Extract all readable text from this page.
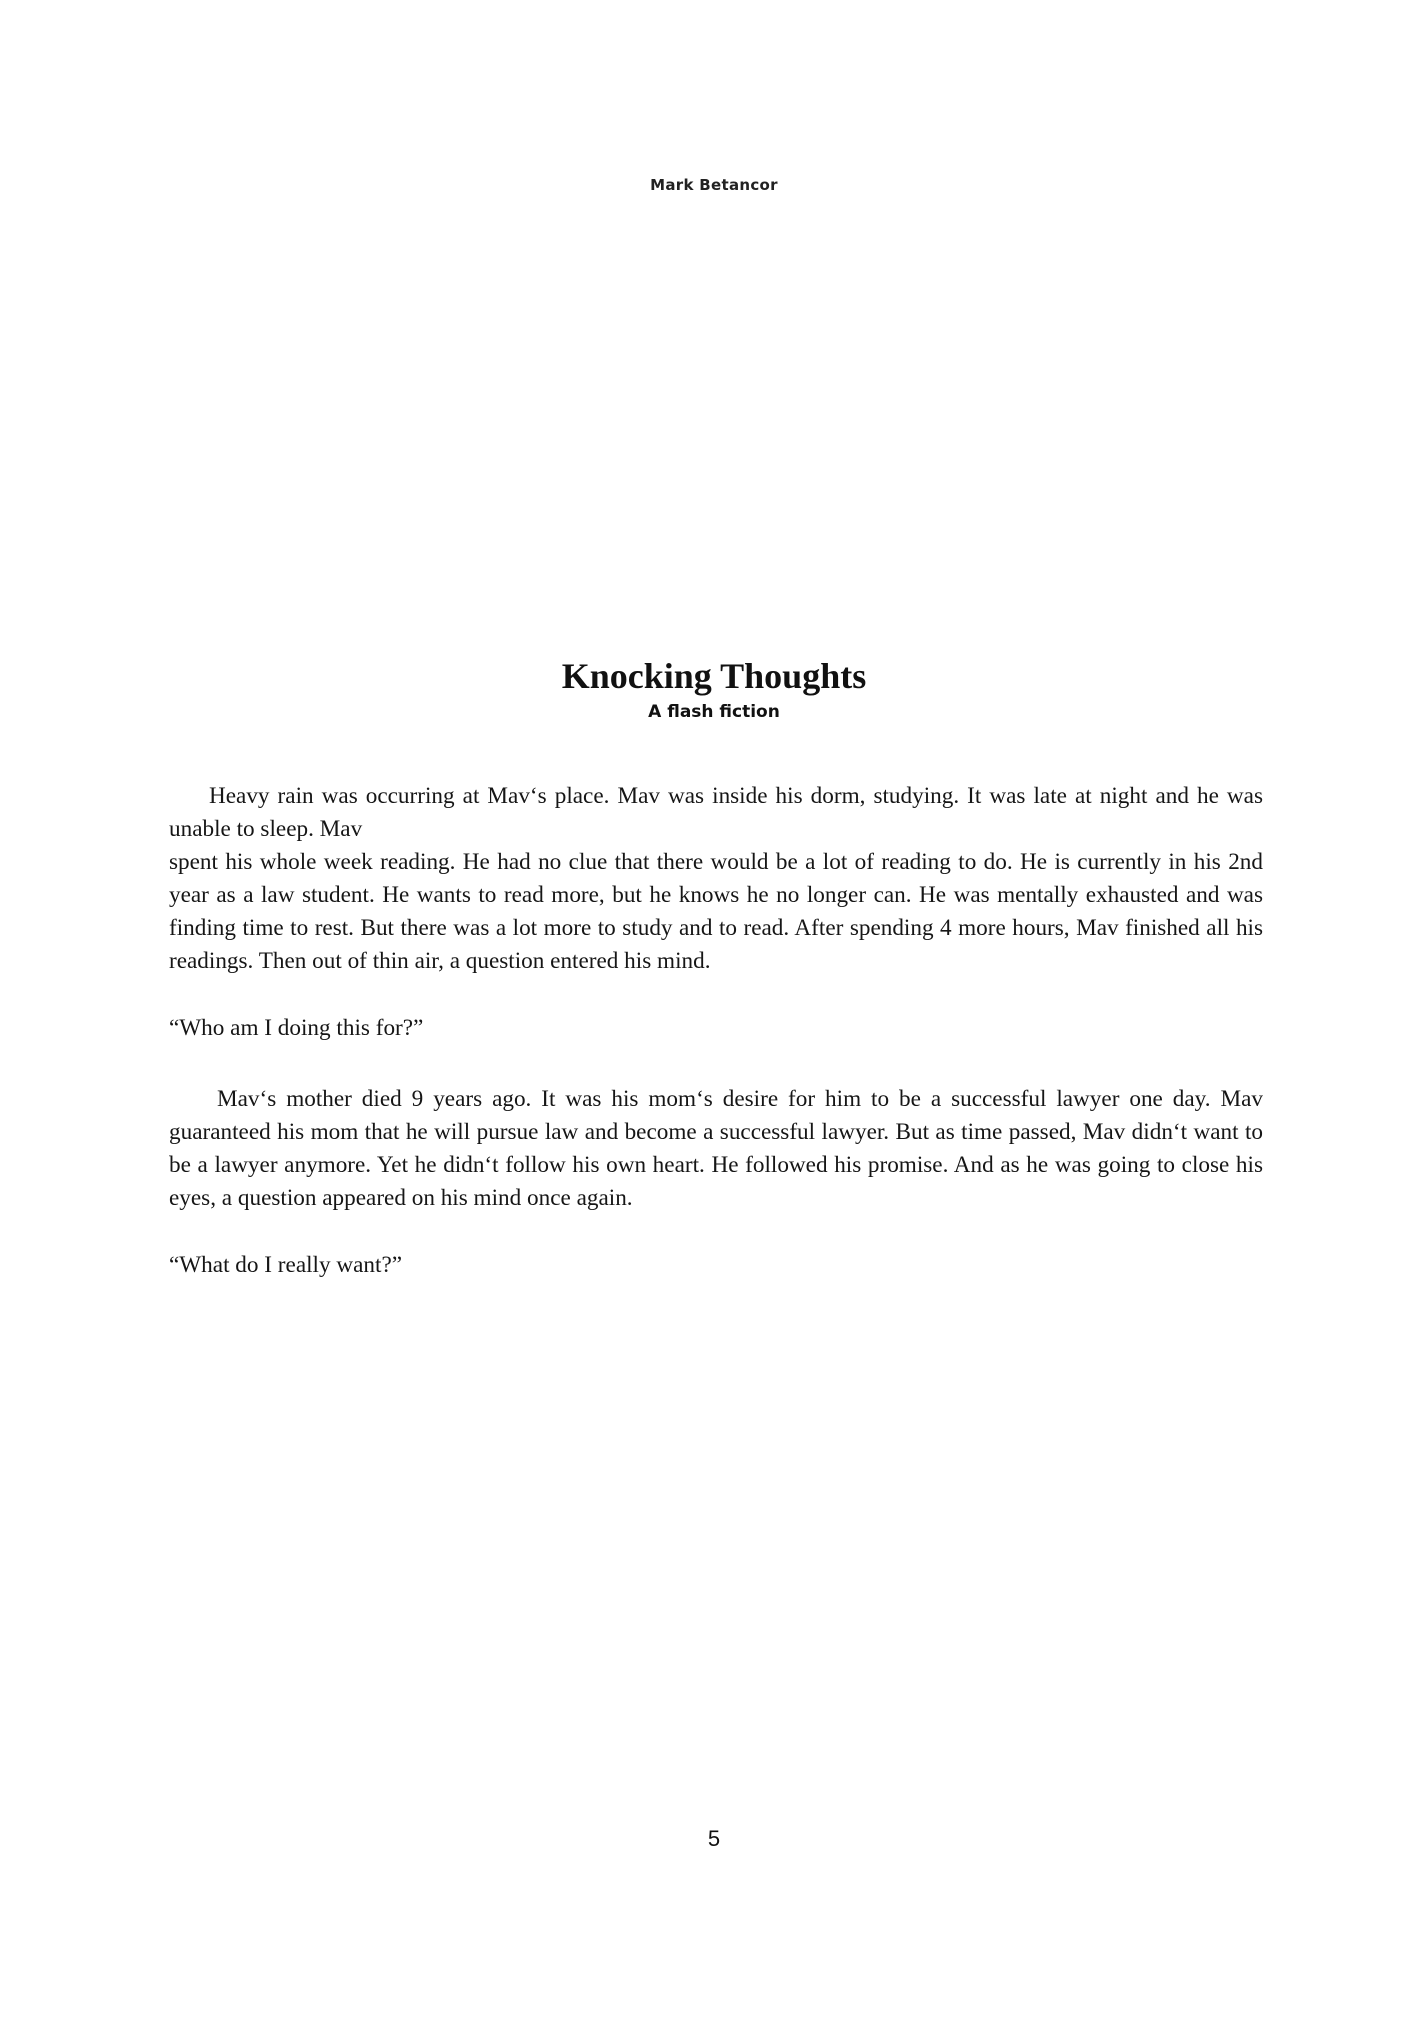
Mark Betancor
Knocking Thoughts
A flash fiction

Heavy rain was occurring at Mav‘s place. Mav was inside his dorm, studying. It was late at night and he was unable to sleep. Mav

spent his whole week reading. He had no clue that there would be a lot of reading to do. He is currently in his 2nd year as a law student. He wants to read more, but he knows he no longer can. He was mentally exhausted and was finding time to rest. But there was a lot more to study and to read. After spending 4 more hours, Mav finished all his readings. Then out of thin air, a question entered his mind.

“Who am I doing this for?”

Mav‘s mother died 9 years ago. It was his mom‘s desire for him to be a successful lawyer one day. Mav guaranteed his mom that he will pursue law and become a successful lawyer. But as time passed, Mav didn‘t want to be a lawyer anymore. Yet he didn‘t follow his own heart. He followed his promise. And as he was going to close his eyes, a question appeared on his mind once again.

“What do I really want?”

5
